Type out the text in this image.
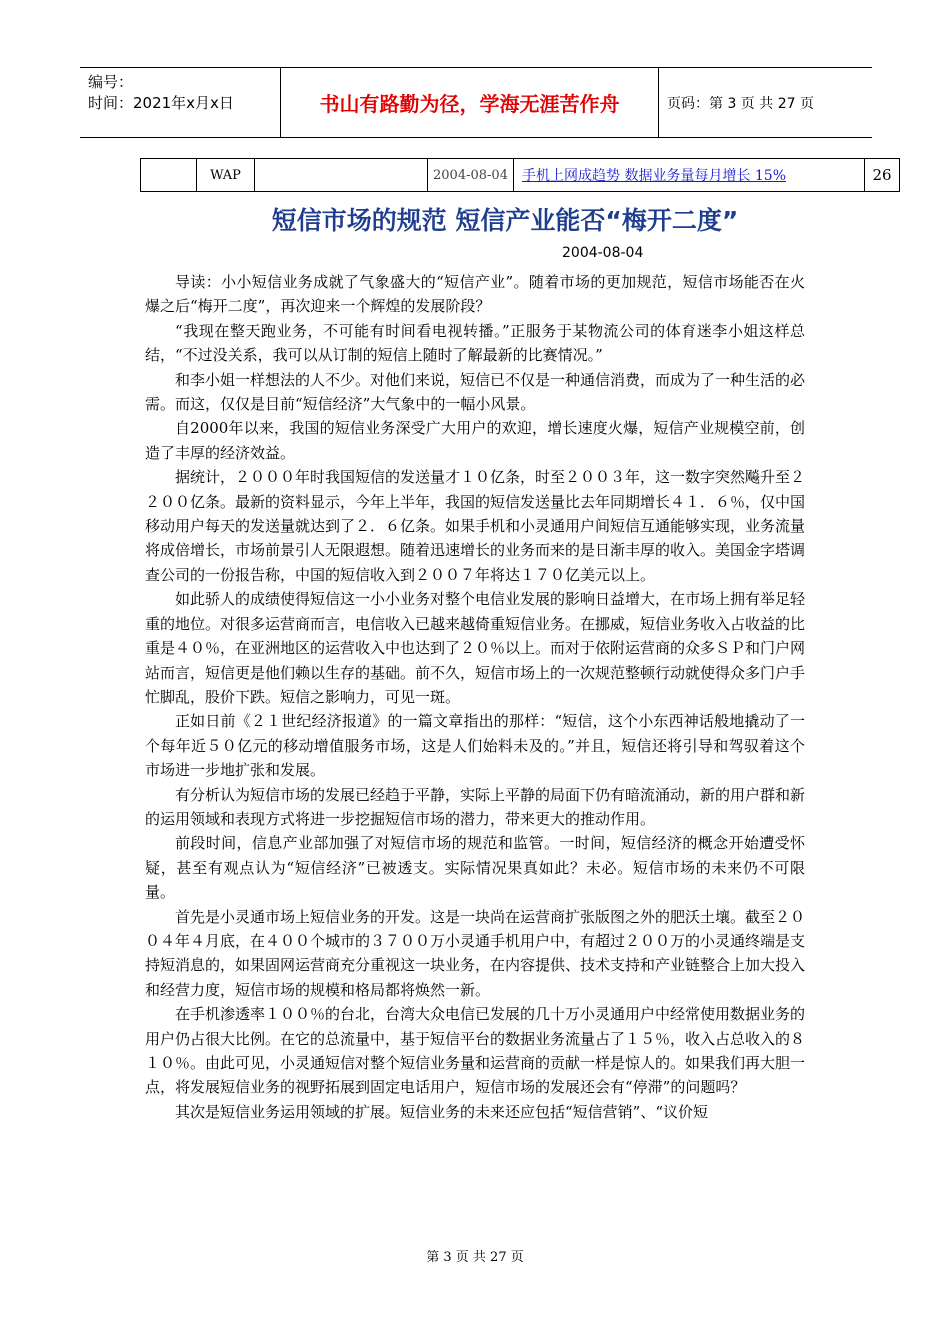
编号：
时间：2021年x月x日	书山有路勤为径，学海无涯苦作舟	页码：第 3 页 共 27 页
WAP	2004-08-04	手机上网成趋势 数据业务量每月增长 15%	26
短信市场的规范 短信产业能否“梅开二度”
2004-08-04

导读：小小短信业务成就了气象盛大的“短信产业”。随着市场的更加规范，短信市场能否在火爆之后“梅开二度”，再次迎来一个辉煌的发展阶段？

“我现在整天跑业务，不可能有时间看电视转播。”正服务于某物流公司的体育迷李小姐这样总结，“不过没关系，我可以从订制的短信上随时了解最新的比赛情况。”

和李小姐一样想法的人不少。对他们来说，短信已不仅是一种通信消费，而成为了一种生活的必需。而这，仅仅是目前“短信经济”大气象中的一幅小风景。

自2000年以来，我国的短信业务深受广大用户的欢迎，增长速度火爆，短信产业规模空前，创造了丰厚的经济效益。

据统计，２０００年时我国短信的发送量才１０亿条，时至２００３年，这一数字突然飚升至２２００亿条。最新的资料显示，今年上半年，我国的短信发送量比去年同期增长４１．６％，仅中国移动用户每天的发送量就达到了２．６亿条。如果手机和小灵通用户间短信互通能够实现，业务流量将成倍增长，市场前景引人无限遐想。随着迅速增长的业务而来的是日渐丰厚的收入。美国金字塔调查公司的一份报告称，中国的短信收入到２００７年将达１７０亿美元以上。

如此骄人的成绩使得短信这一小小业务对整个电信业发展的影响日益增大，在市场上拥有举足轻重的地位。对很多运营商而言，电信收入已越来越倚重短信业务。在挪威，短信业务收入占收益的比重是４０％，在亚洲地区的运营收入中也达到了２０％以上。而对于依附运营商的众多ＳＰ和门户网站而言，短信更是他们赖以生存的基础。前不久，短信市场上的一次规范整顿行动就使得众多门户手忙脚乱，股价下跌。短信之影响力，可见一斑。

正如日前《２１世纪经济报道》的一篇文章指出的那样：“短信，这个小东西神话般地撬动了一个每年近５０亿元的移动增值服务市场，这是人们始料未及的。”并且，短信还将引导和驾驭着这个市场进一步地扩张和发展。

有分析认为短信市场的发展已经趋于平静，实际上平静的局面下仍有暗流涌动，新的用户群和新的运用领域和表现方式将进一步挖掘短信市场的潜力，带来更大的推动作用。

前段时间，信息产业部加强了对短信市场的规范和监管。一时间，短信经济的概念开始遭受怀疑，甚至有观点认为“短信经济”已被透支。实际情况果真如此？未必。短信市场的未来仍不可限量。

首先是小灵通市场上短信业务的开发。这是一块尚在运营商扩张版图之外的肥沃土壤。截至２００４年４月底，在４００个城市的３７００万小灵通手机用户中，有超过２００万的小灵通终端是支持短消息的，如果固网运营商充分重视这一块业务，在内容提供、技术支持和产业链整合上加大投入和经营力度，短信市场的规模和格局都将焕然一新。

在手机渗透率１００％的台北，台湾大众电信已发展的几十万小灵通用户中经常使用数据业务的用户仍占很大比例。在它的总流量中，基于短信平台的数据业务流量占了１５％，收入占总收入的８１０％。由此可见，小灵通短信对整个短信业务量和运营商的贡献一样是惊人的。如果我们再大胆一点，将发展短信业务的视野拓展到固定电话用户，短信市场的发展还会有“停滞”的问题吗？

其次是短信业务运用领域的扩展。短信业务的未来还应包括“短信营销”、“议价短

第 3 页 共 27 页
